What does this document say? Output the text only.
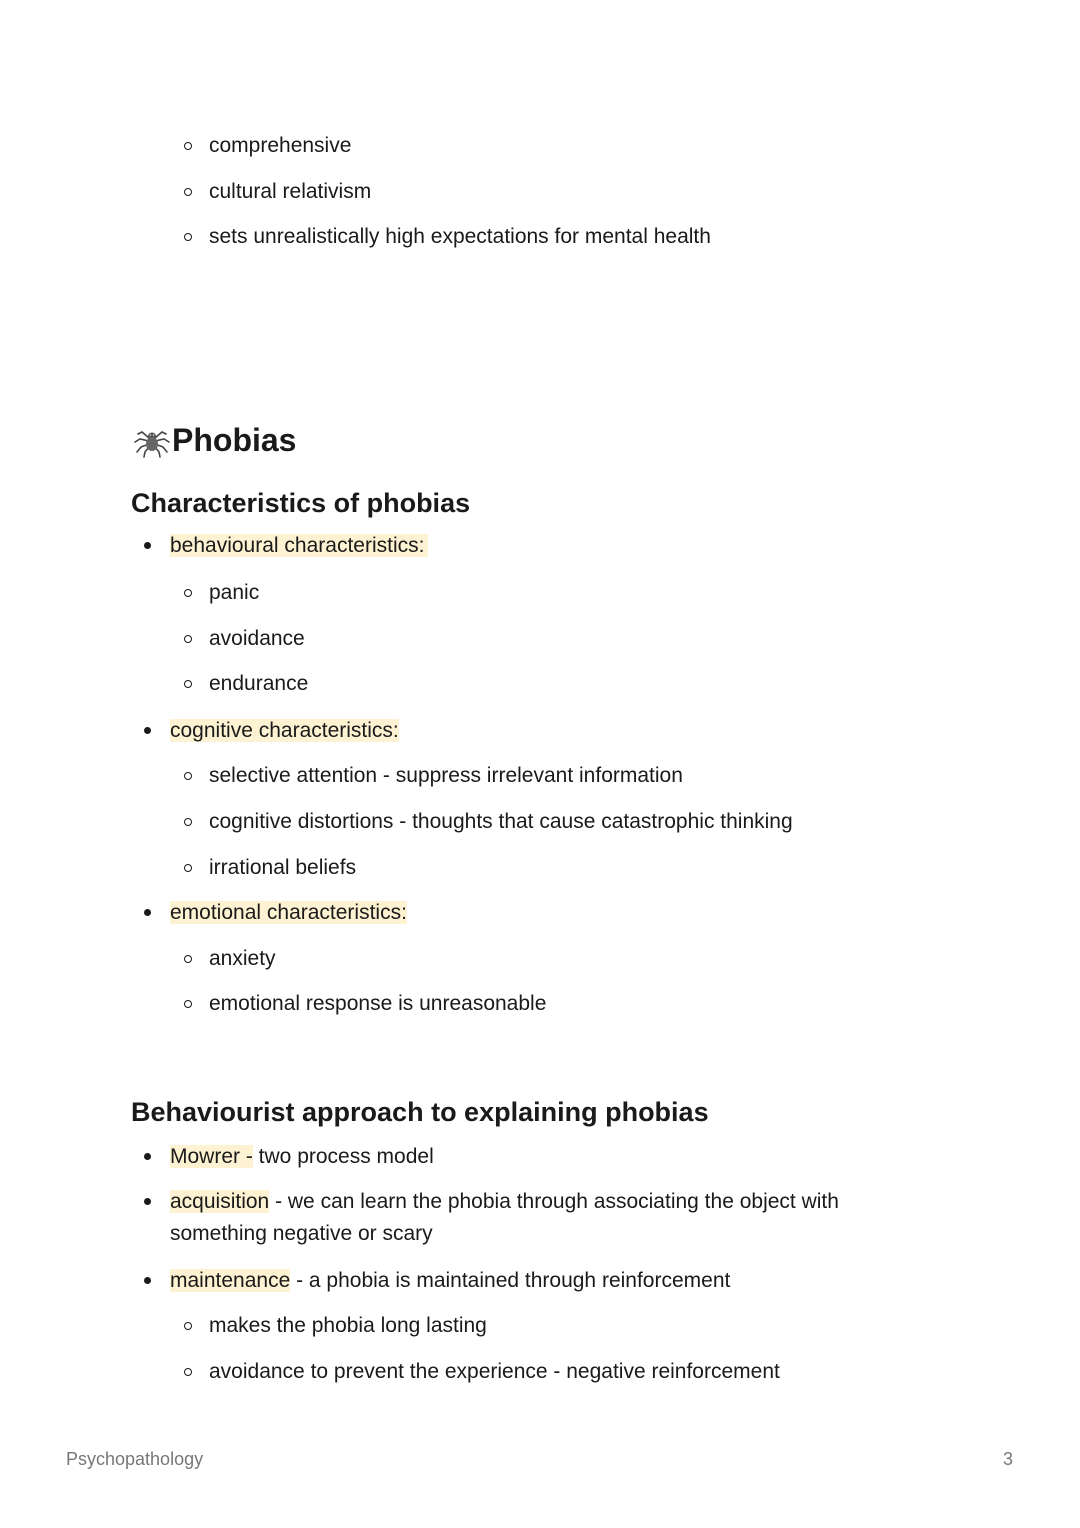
comprehensive
cultural relativism
sets unrealistically high expectations for mental health
Phobias
Characteristics of phobias
behavioural characteristics:
panic
avoidance
endurance
cognitive characteristics:
selective attention - suppress irrelevant information
cognitive distortions - thoughts that cause catastrophic thinking
irrational beliefs
emotional characteristics:
anxiety
emotional response is unreasonable
Behaviourist approach to explaining phobias
Mowrer - two process model
acquisition - we can learn the phobia through associating the object with
something negative or scary
maintenance - a phobia is maintained through reinforcement
makes the phobia long lasting
avoidance to prevent the experience - negative reinforcement
Psychopathology	3
